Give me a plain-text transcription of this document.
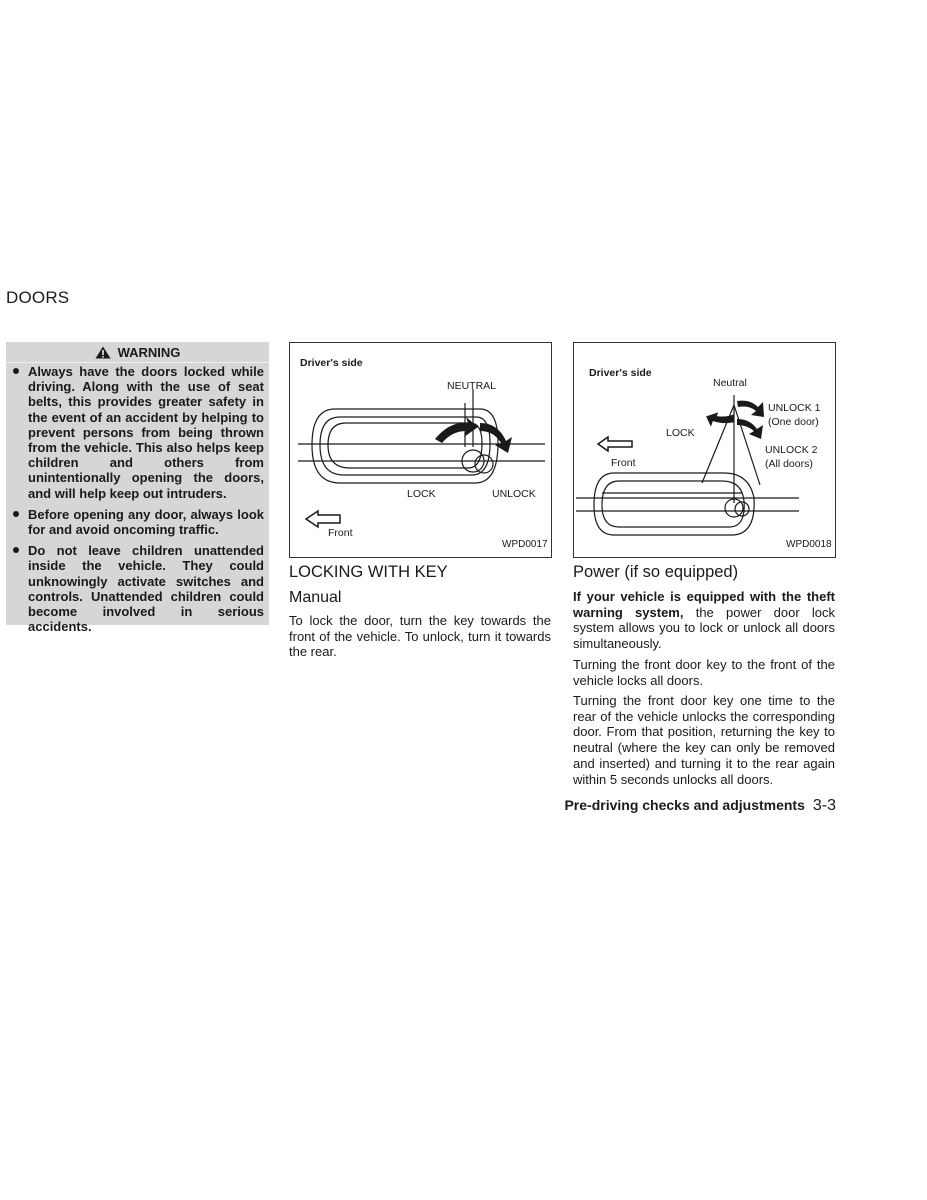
DOORS
WARNING
Always have the doors locked while driving. Along with the use of seat belts, this provides greater safety in the event of an accident by helping to prevent persons from being thrown from the vehicle. This also helps keep children and others from unintentionally opening the doors, and will help keep out intruders.
Before opening any door, always look for and avoid oncoming traffic.
Do not leave children unattended inside the vehicle. They could unknowingly activate switches and controls. Unattended children could become involved in serious accidents.
Driver's side
NEUTRAL
LOCK	UNLOCK
Front
WPD0017
Driver's side
Neutral
LOCK
UNLOCK 1
(One door)
UNLOCK 2
(All doors)
Front
WPD0018
LOCKING WITH KEY
Manual
To lock the door, turn the key towards the front of the vehicle. To unlock, turn it towards the rear.
Power (if so equipped)
If your vehicle is equipped with the theft warning system, the power door lock system allows you to lock or unlock all doors simultaneously.
Turning the front door key to the front of the vehicle locks all doors.
Turning the front door key one time to the rear of the vehicle unlocks the corresponding door. From that position, returning the key to neutral (where the key can only be removed and inserted) and turning it to the rear again within 5 seconds unlocks all doors.
Pre-driving checks and adjustments 3-3
